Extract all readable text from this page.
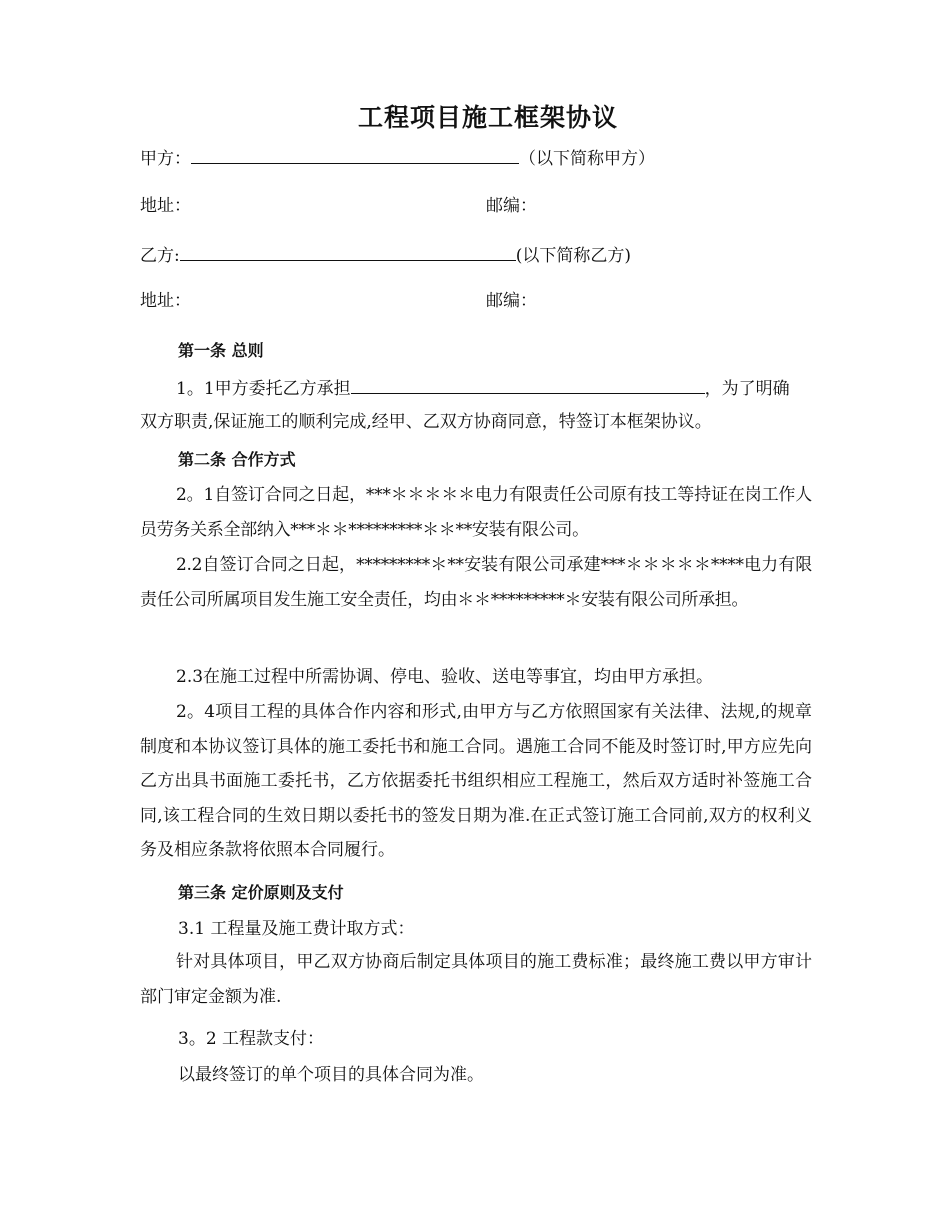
工程项目施工框架协议
甲方：	（以下简称甲方）
地址：	邮编：
乙方:	(以下简称乙方)
地址：	邮编：
第一条 总则
1。1甲方委托乙方承担	，为了明确
双方职责,保证施工的顺利完成,经甲、乙双方协商同意，特签订本框架协议。
第二条 合作方式
2。1自签订合同之日起，***＊＊＊＊＊电力有限责任公司原有技工等持证在岗工作人员劳务关系全部纳入***＊＊*********＊＊**安装有限公司。
2.2自签订合同之日起，*********＊**安装有限公司承建***＊＊＊＊＊****电力有限责任公司所属项目发生施工安全责任，均由＊＊*********＊安装有限公司所承担。
2.3在施工过程中所需协调、停电、验收、送电等事宜，均由甲方承担。
2。4项目工程的具体合作内容和形式,由甲方与乙方依照国家有关法律、法规,的规章制度和本协议签订具体的施工委托书和施工合同。遇施工合同不能及时签订时,甲方应先向乙方出具书面施工委托书，乙方依据委托书组织相应工程施工，然后双方适时补签施工合同,该工程合同的生效日期以委托书的签发日期为准.在正式签订施工合同前,双方的权利义务及相应条款将依照本合同履行。
第三条 定价原则及支付
3.1 工程量及施工费计取方式：
针对具体项目，甲乙双方协商后制定具体项目的施工费标准；最终施工费以甲方审计部门审定金额为准.
3。2 工程款支付：
以最终签订的单个项目的具体合同为准。
